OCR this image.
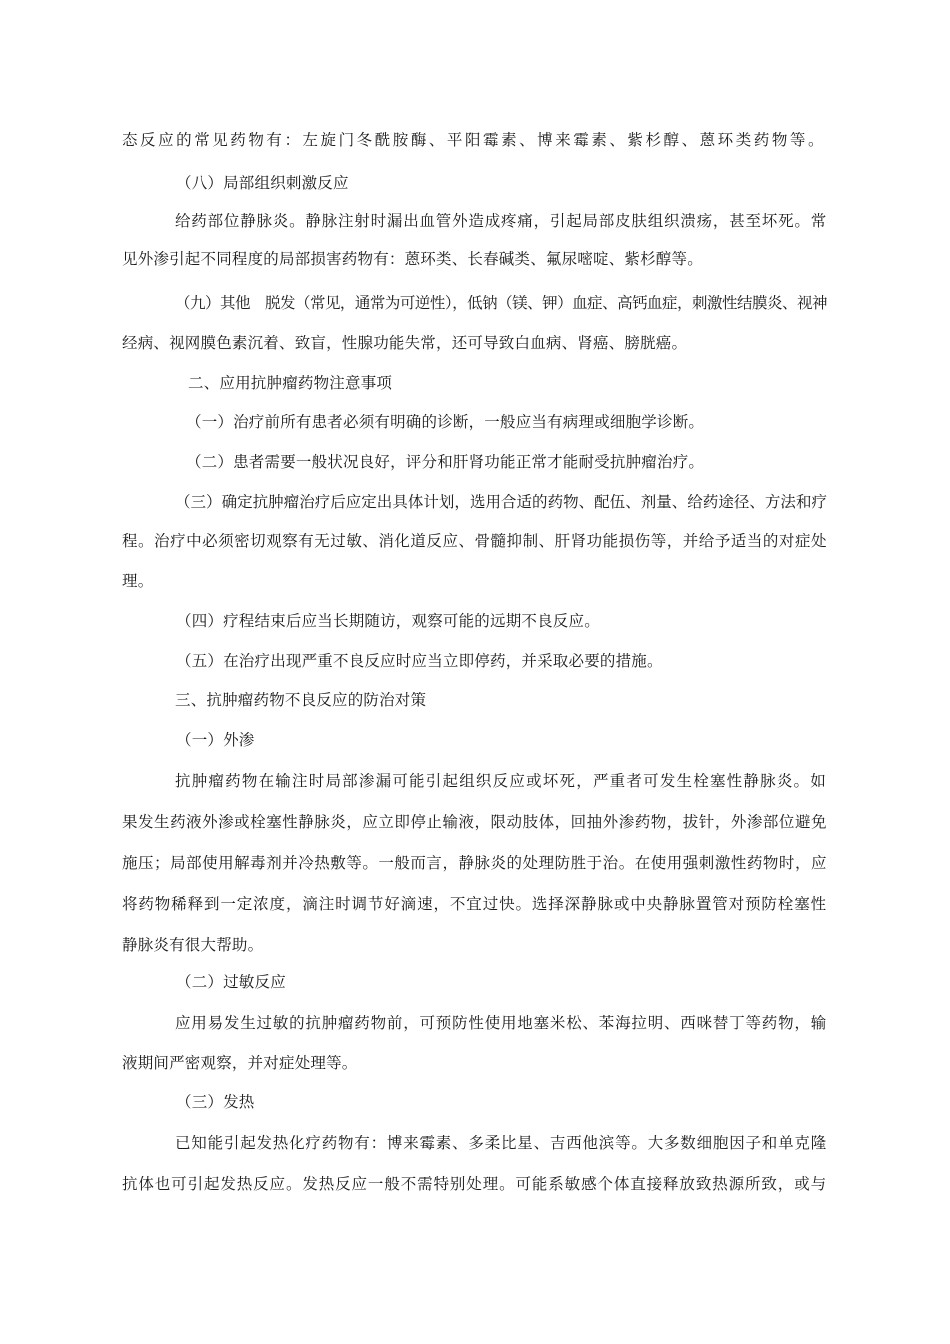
态反应的常见药物有：左旋门冬酰胺酶、平阳霉素、博来霉素、紫杉醇、蒽环类药物等。
（八）局部组织刺激反应
给药部位静脉炎。静脉注射时漏出血管外造成疼痛，引起局部皮肤组织溃疡，甚至坏死。常
见外渗引起不同程度的局部损害药物有：蒽环类、长春碱类、氟尿嘧啶、紫杉醇等。
（九）其他　脱发（常见，通常为可逆性），低钠（镁、钾）血症、高钙血症，刺激性结膜炎、视神
经病、视网膜色素沉着、致盲，性腺功能失常，还可导致白血病、肾癌、膀胱癌。
二、应用抗肿瘤药物注意事项
（一）治疗前所有患者必须有明确的诊断，一般应当有病理或细胞学诊断。
（二）患者需要一般状况良好，评分和肝肾功能正常才能耐受抗肿瘤治疗。
（三）确定抗肿瘤治疗后应定出具体计划，选用合适的药物、配伍、剂量、给药途径、方法和疗
程。治疗中必须密切观察有无过敏、消化道反应、骨髓抑制、肝肾功能损伤等，并给予适当的对症处
理。
（四）疗程结束后应当长期随访，观察可能的远期不良反应。
（五）在治疗出现严重不良反应时应当立即停药，并采取必要的措施。
三、抗肿瘤药物不良反应的防治对策
（一）外渗
抗肿瘤药物在输注时局部渗漏可能引起组织反应或坏死，严重者可发生栓塞性静脉炎。如
果发生药液外渗或栓塞性静脉炎，应立即停止输液，限动肢体，回抽外渗药物，拔针，外渗部位避免
施压；局部使用解毒剂并冷热敷等。一般而言，静脉炎的处理防胜于治。在使用强刺激性药物时，应
将药物稀释到一定浓度，滴注时调节好滴速，不宜过快。选择深静脉或中央静脉置管对预防栓塞性
静脉炎有很大帮助。
（二）过敏反应
应用易发生过敏的抗肿瘤药物前，可预防性使用地塞米松、苯海拉明、西咪替丁等药物，输
液期间严密观察，并对症处理等。
（三）发热
已知能引起发热化疗药物有：博来霉素、多柔比星、吉西他滨等。大多数细胞因子和单克隆
抗体也可引起发热反应。发热反应一般不需特别处理。可能系敏感个体直接释放致热源所致，或与
